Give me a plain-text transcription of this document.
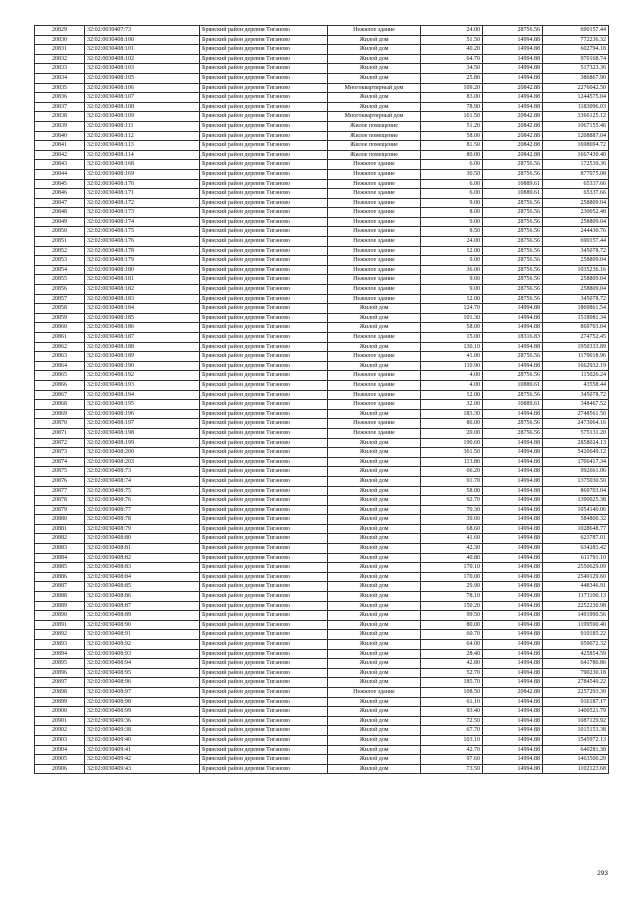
20829	32:02:0030407:73	Брянский район деревня Тиганово	Нежилое здание	24.00	28756.56	690157.44
20830	32:02:0030408:100	Брянский район деревня Тиганово	Жилой дом	51.50	14994.88	772236.32
20831	32:02:0030408:101	Брянский район деревня Тиганово	Жилой дом	40.20	14994.88	602794.18
20832	32:02:0030408:102	Брянский район деревня Тиганово	Жилой дом	64.70	14994.88	970168.74
20833	32:02:0030408:103	Брянский район деревня Тиганово	Жилой дом	34.50	14994.88	517323.36
20834	32:02:0030408:105	Брянский район деревня Тиганово	Жилой дом	25.80	14994.88	386867.90
20835	32:02:0030408:106	Брянский район деревня Тиганово	Многоквартирный дом	109.20	20842.88	2276042.50
20836	32:02:0030408:107	Брянский район деревня Тиганово	Жилой дом	83.00	14994.88	1244575.04
20837	32:02:0030408:108	Брянский район деревня Тиганово	Жилой дом	78.90	14994.88	1183096.03
20838	32:02:0030408:109	Брянский район деревня Тиганово	Многоквартирный дом	161.50	20842.88	3366125.12
20839	32:02:0030408:111	Брянский район деревня Тиганово	Жилое помещение	51.20	20842.88	1067155.46
20840	32:02:0030408:112	Брянский район деревня Тиганово	Жилое помещение	58.00	20842.88	1208887.04
20841	32:02:0030408:113	Брянский район деревня Тиганово	Жилое помещение	81.50	20842.88	1698694.72
20842	32:02:0030408:114	Брянский район деревня Тиганово	Жилое помещение	80.00	20842.88	1667430.40
20843	32:02:0030408:168	Брянский район деревня Тиганово	Нежилое здание	6.00	28756.56	172539.36
20844	32:02:0030408:169	Брянский район деревня Тиганово	Нежилое здание	30.50	28756.56	877075.08
20845	32:02:0030408:170	Брянский район деревня Тиганово	Нежилое здание	6.00	10889.61	65337.66
20846	32:02:0030408:171	Брянский район деревня Тиганово	Нежилое здание	6.00	10889.61	65337.66
20847	32:02:0030408:172	Брянский район деревня Тиганово	Нежилое здание	9.00	28756.56	258809.04
20848	32:02:0030408:173	Брянский район деревня Тиганово	Нежилое здание	8.00	28756.56	230052.48
20849	32:02:0030408:174	Брянский район деревня Тиганово	Нежилое здание	9.00	28756.56	258809.04
20850	32:02:0030408:175	Брянский район деревня Тиганово	Нежилое здание	8.50	28756.56	244430.76
20851	32:02:0030408:176	Брянский район деревня Тиганово	Нежилое здание	24.00	28756.56	690157.44
20852	32:02:0030408:178	Брянский район деревня Тиганово	Нежилое здание	12.00	28756.56	345078.72
20853	32:02:0030408:179	Брянский район деревня Тиганово	Нежилое здание	9.00	28756.56	258809.04
20854	32:02:0030408:180	Брянский район деревня Тиганово	Нежилое здание	36.00	28756.56	1035236.16
20855	32:02:0030408:181	Брянский район деревня Тиганово	Нежилое здание	9.00	28756.56	258809.04
20856	32:02:0030408:182	Брянский район деревня Тиганово	Нежилое здание	9.00	28756.56	258809.04
20857	32:02:0030408:183	Брянский район деревня Тиганово	Нежилое здание	12.00	28756.56	345078.72
20858	32:02:0030408:184	Брянский район деревня Тиганово	Жилой дом	124.70	14994.88	1869861.54
20859	32:02:0030408:185	Брянский район деревня Тиганово	Жилой дом	101.30	14994.88	1518981.34
20860	32:02:0030408:186	Брянский район деревня Тиганово	Жилой дом	58.00	14994.88	869703.04
20861	32:02:0030408:187	Брянский район деревня Тиганово	Нежилое здание	15.00	18316.83	274752.45
20862	32:02:0030408:188	Брянский район деревня Тиганово	Жилой дом	130.10	14994.88	1950333.89
20863	32:02:0030408:189	Брянский район деревня Тиганово	Нежилое здание	41.00	28756.56	1179018.96
20864	32:02:0030408:190	Брянский район деревня Тиганово	Жилой дом	110.90	14994.88	1662932.19
20865	32:02:0030408:192	Брянский район деревня Тиганово	Нежилое здание	4.00	28756.56	115026.24
20866	32:02:0030408:193	Брянский район деревня Тиганово	Нежилое здание	4.00	10889.61	43558.44
20867	32:02:0030408:194	Брянский район деревня Тиганово	Нежилое здание	12.00	28756.56	345078.72
20868	32:02:0030408:195	Брянский район деревня Тиганово	Нежилое здание	32.00	10889.61	348467.52
20869	32:02:0030408:196	Брянский район деревня Тиганово	Жилой дом	183.30	14994.88	2748561.50
20870	32:02:0030408:197	Брянский район деревня Тиганово	Нежилое здание	86.00	28756.56	2473064.16
20871	32:02:0030408:198	Брянский район деревня Тиганово	Нежилое здание	20.00	28756.56	575131.20
20872	32:02:0030408:199	Брянский район деревня Тиганово	Жилой дом	190.60	14994.88	2858024.13
20873	32:02:0030408:200	Брянский район деревня Тиганово	Жилой дом	361.50	14994.88	5420649.12
20874	32:02:0030408:203	Брянский район деревня Тиганово	Жилой дом	113.80	14994.88	1706417.34
20875	32:02:0030408:73	Брянский район деревня Тиганово	Жилой дом	66.20	14994.88	992661.06
20876	32:02:0030408:74	Брянский район деревня Тиганово	Жилой дом	91.70	14994.88	1375030.50
20877	32:02:0030408:75	Брянский район деревня Тиганово	Жилой дом	58.00	14994.88	869703.04
20878	32:02:0030408:76	Брянский район деревня Тиганово	Жилой дом	92.70	14994.88	1390025.38
20879	32:02:0030408:77	Брянский район деревня Тиганово	Жилой дом	70.30	14994.88	1054140.06
20880	32:02:0030408:78	Брянский район деревня Тиганово	Жилой дом	39.00	14994.88	584800.32
20881	32:02:0030408:79	Брянский район деревня Тиганово	Жилой дом	68.60	14994.88	1028648.77
20882	32:02:0030408:80	Брянский район деревня Тиганово	Жилой дом	41.60	14994.88	623787.01
20883	32:02:0030408:81	Брянский район деревня Тиганово	Жилой дом	42.30	14994.88	634283.42
20884	32:02:0030408:82	Брянский район деревня Тиганово	Жилой дом	40.80	14994.88	611791.10
20885	32:02:0030408:83	Брянский район деревня Тиганово	Жилой дом	170.10	14994.88	2550629.09
20886	32:02:0030408:84	Брянский район деревня Тиганово	Жилой дом	170.00	14994.88	2549129.60
20887	32:02:0030408:85	Брянский район деревня Тиганово	Жилой дом	29.90	14994.88	448346.91
20888	32:02:0030408:86	Брянский район деревня Тиганово	Жилой дом	78.10	14994.88	1171100.13
20889	32:02:0030408:87	Брянский район деревня Тиганово	Жилой дом	150.20	14994.88	2252230.98
20890	32:02:0030408:89	Брянский район деревня Тиганово	Жилой дом	99.50	14994.88	1491990.56
20891	32:02:0030408:90	Брянский район деревня Тиганово	Жилой дом	80.00	14994.88	1199590.40
20892	32:02:0030408:91	Брянский район деревня Тиганово	Жилой дом	60.70	14994.88	910185.22
20893	32:02:0030408:92	Брянский район деревня Тиганово	Жилой дом	64.00	14994.88	959672.32
20894	32:02:0030408:93	Брянский район деревня Тиганово	Жилой дом	28.40	14994.88	425854.59
20895	32:02:0030408:94	Брянский район деревня Тиганово	Жилой дом	42.80	14994.88	641780.86
20896	32:02:0030408:95	Брянский район деревня Тиганово	Жилой дом	52.70	14994.88	790230.18
20897	32:02:0030408:96	Брянский район деревня Тиганово	Жилой дом	185.70	14994.88	2784549.22
20898	32:02:0030408:97	Брянский район деревня Тиганово	Нежилое здание	108.50	20842.88	2257293.30
20899	32:02:0030408:98	Брянский район деревня Тиганово	Жилой дом	61.10	14994.88	916187.17
20900	32:02:0030408:99	Брянский район деревня Тиганово	Жилой дом	93.40	14994.88	1400521.79
20901	32:02:0030409:36	Брянский район деревня Тиганово	Жилой дом	72.50	14994.88	1087129.92
20902	32:02:0030409:38	Брянский район деревня Тиганово	Жилой дом	67.70	14994.88	1015153.38
20903	32:02:0030409:40	Брянский район деревня Тиганово	Жилой дом	103.10	14994.88	1545972.13
20904	32:02:0030409:41	Брянский район деревня Тиганово	Жилой дом	42.70	14994.88	640281.38
20905	32:02:0030409:42	Брянский район деревня Тиганово	Жилой дом	97.60	14994.88	1463500.29
20906	32:02:0030409:43	Брянский район деревня Тиганово	Жилой дом	73.50	14994.88	1102123.68
293
